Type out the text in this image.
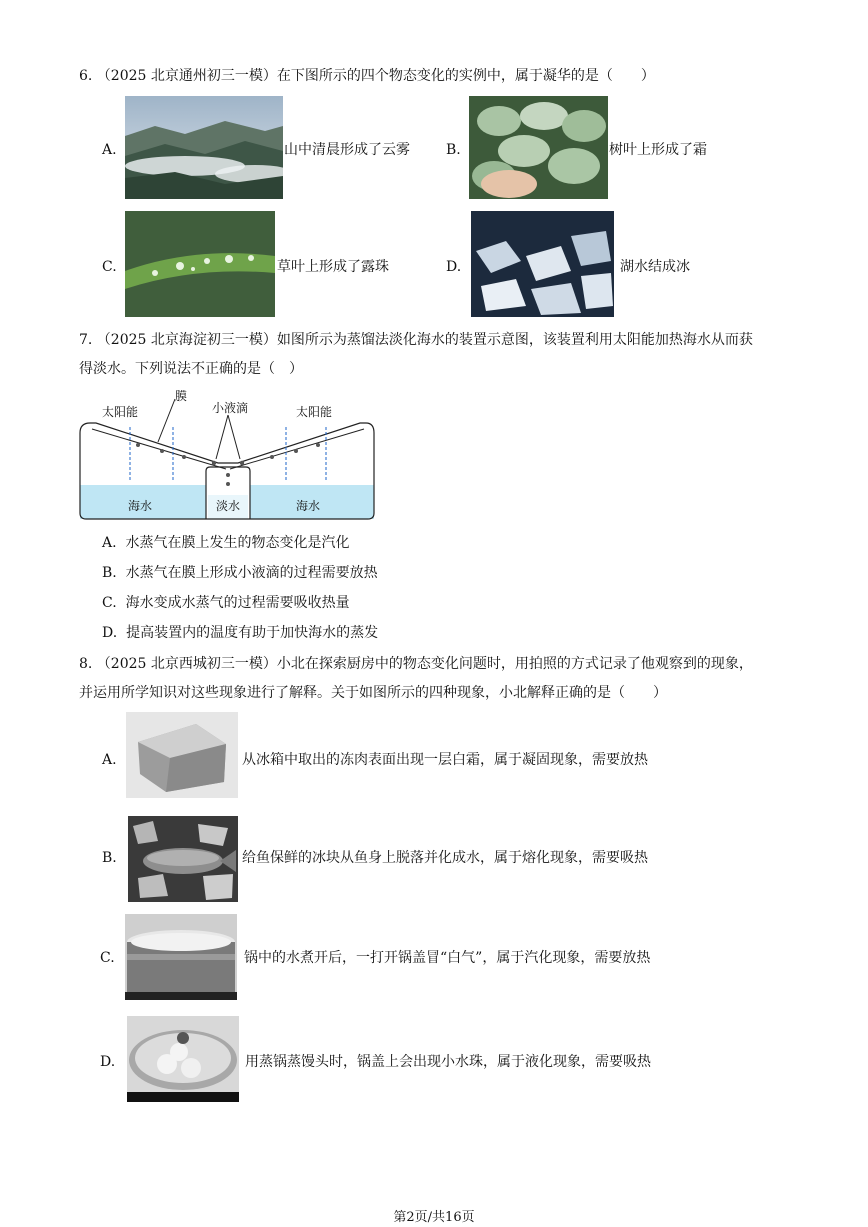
6. （2025 北京通州初三一模）在下图所示的四个物态变化的实例中，属于凝华的是（　　）
A.	山中清晨形成了云雾	B.	树叶上形成了霜
C.	草叶上形成了露珠	D.	湖水结成冰
7. （2025 北京海淀初三一模）如图所示为蒸馏法淡化海水的装置示意图，该装置利用太阳能加热海水从而获
得淡水。下列说法不正确的是（　）
太阳能
膜
小液滴	太阳能
海水	淡水	海水
A. 水蒸气在膜上发生的物态变化是汽化
B. 水蒸气在膜上形成小液滴的过程需要放热
C. 海水变成水蒸气的过程需要吸收热量
D. 提高装置内的温度有助于加快海水的蒸发
8. （2025 北京西城初三一模）小北在探索厨房中的物态变化问题时，用拍照的方式记录了他观察到的现象，
并运用所学知识对这些现象进行了解释。关于如图所示的四种现象，小北解释正确的是（　　）
A.	从冰箱中取出的冻肉表面出现一层白霜，属于凝固现象，需要放热
B.	给鱼保鲜的冰块从鱼身上脱落并化成水，属于熔化现象，需要吸热
C.	锅中的水煮开后，一打开锅盖冒“白气”，属于汽化现象，需要放热
D.	用蒸锅蒸馒头时，锅盖上会出现小水珠，属于液化现象，需要吸热
第2页/共16页
